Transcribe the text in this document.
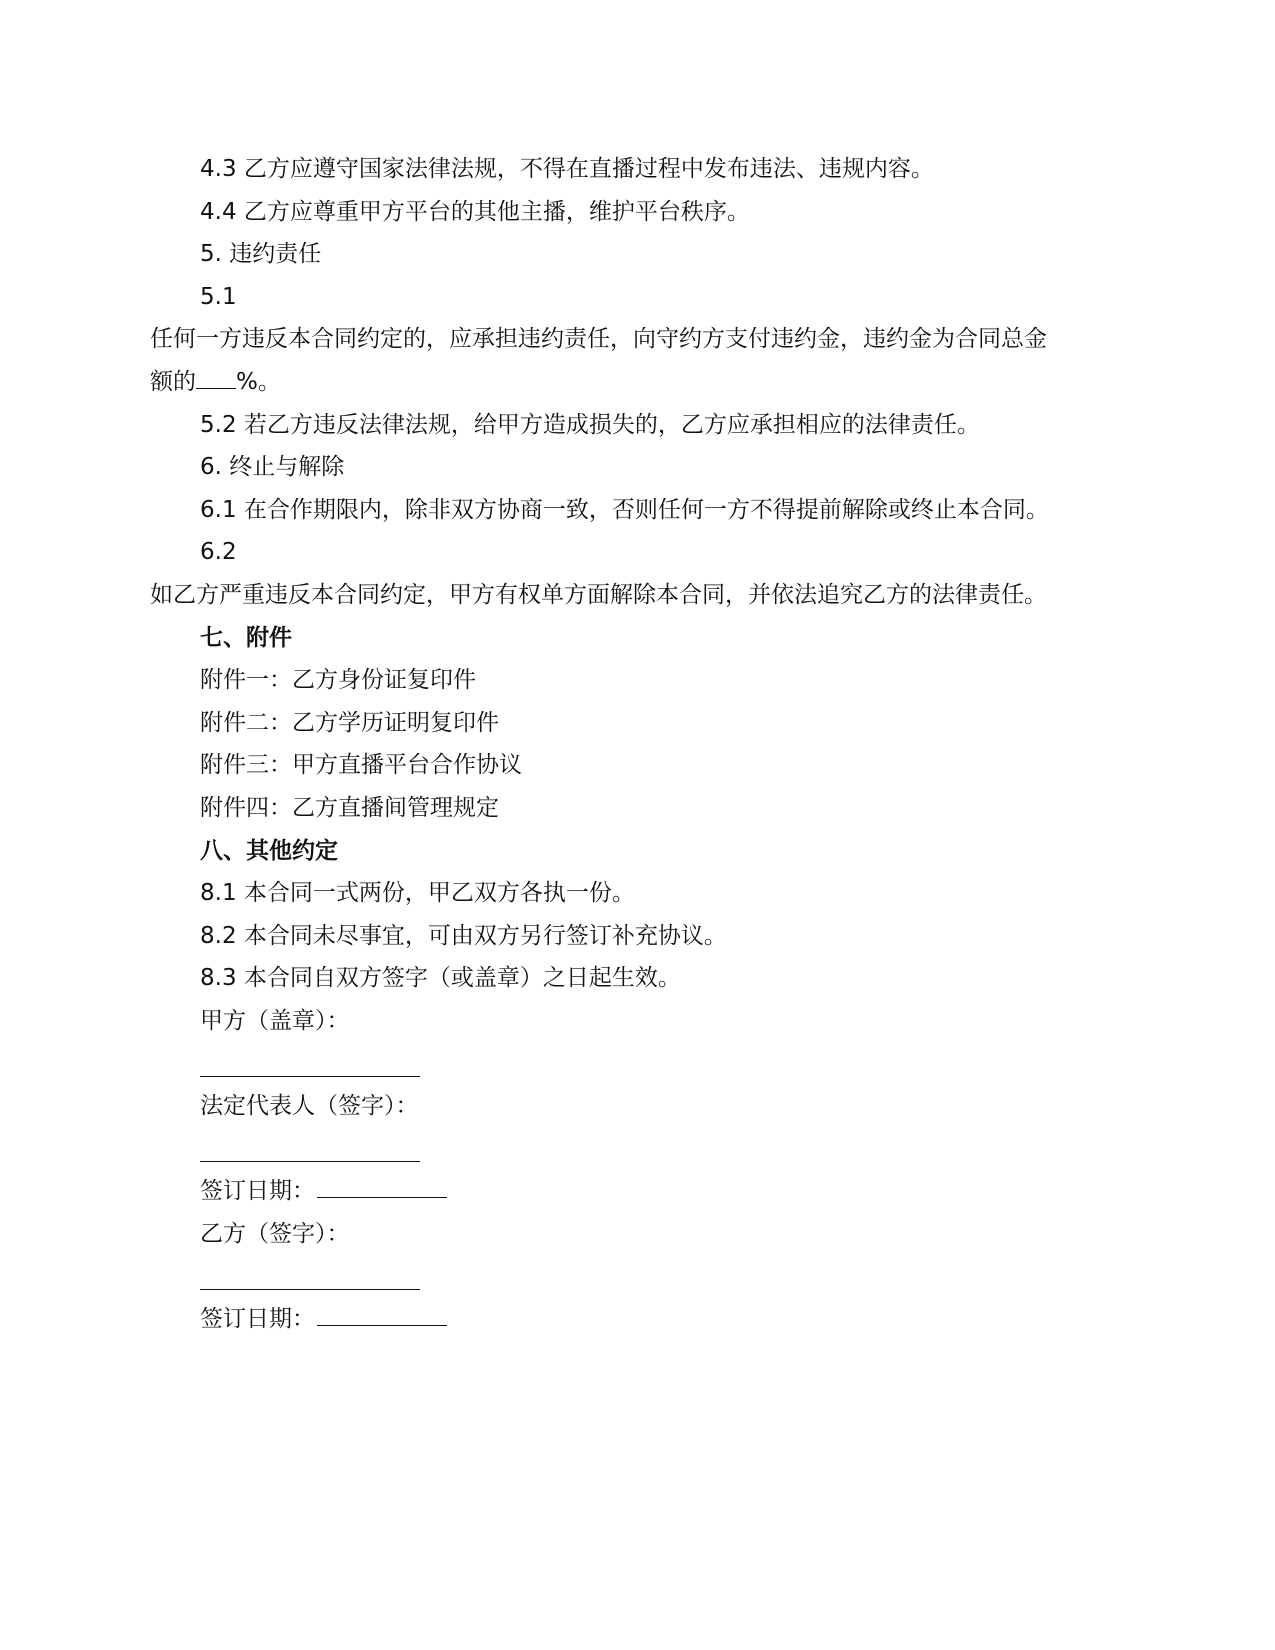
4.3 乙方应遵守国家法律法规，不得在直播过程中发布违法、违规内容。

4.4 乙方应尊重甲方平台的其他主播，维护平台秩序。

5. 违约责任

5.1

任何一方违反本合同约定的，应承担违约责任，向守约方支付违约金，违约金为合同总金

额的 %。

5.2 若乙方违反法律法规，给甲方造成损失的，乙方应承担相应的法律责任。

6. 终止与解除

6.1 在合作期限内，除非双方协商一致，否则任何一方不得提前解除或终止本合同。

6.2

如乙方严重违反本合同约定，甲方有权单方面解除本合同，并依法追究乙方的法律责任。

七、附件

附件一：乙方身份证复印件

附件二：乙方学历证明复印件

附件三：甲方直播平台合作协议

附件四：乙方直播间管理规定

八、其他约定

8.1 本合同一式两份，甲乙双方各执一份。

8.2 本合同未尽事宜，可由双方另行签订补充协议。

8.3 本合同自双方签字（或盖章）之日起生效。

甲方（盖章）：

法定代表人（签字）：

签订日期：

乙方（签字）：

签订日期：
